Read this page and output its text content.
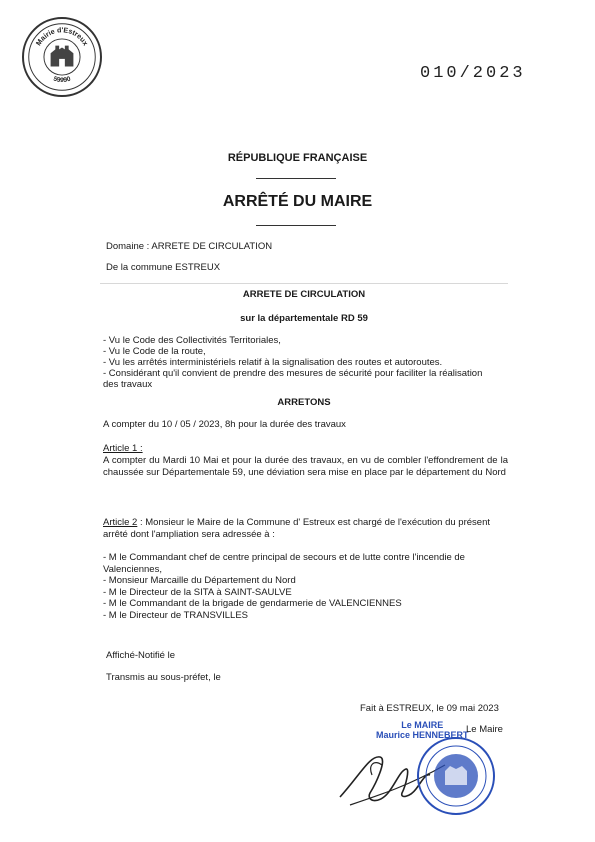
Mairie d'Estreux
59990	010/2023
RÉPUBLIQUE FRANÇAISE
ARRÊTÉ DU MAIRE
Domaine : ARRETE DE CIRCULATION
De la commune ESTREUX
ARRETE DE CIRCULATION
sur la départementale RD 59
- Vu le Code des Collectivités Territoriales,
- Vu le Code de la route,
- Vu les arrêtés interministériels relatif à la signalisation des routes et autoroutes.
- Considérant qu'il convient de prendre des mesures de sécurité pour faciliter la réalisation
des travaux
ARRETONS
A compter du 10 / 05 / 2023, 8h pour la durée des travaux
Article 1 :
A compter du Mardi 10 Mai et pour la durée des travaux, en vu de combler l'effondrement de la chaussée sur Départementale 59, une déviation sera mise en place par le département du Nord
Article 2 : Monsieur le Maire de la Commune d' Estreux est chargé de l'exécution du présent arrêté dont l'ampliation sera adressée à :
- M le Commandant chef de centre principal de secours et de lutte contre l'incendie de
Valenciennes,
- Monsieur Marcaille du Département du Nord
- M le Directeur de la SITA à SAINT-SAULVE
- M le Commandant de la brigade de gendarmerie de VALENCIENNES
- M le Directeur de TRANSVILLES
Affiché-Notifié le
Transmis au sous-préfet, le
Fait à ESTREUX, le 09 mai 2023
Le MAIRE
Maurice HENNEBERT
Le Maire
